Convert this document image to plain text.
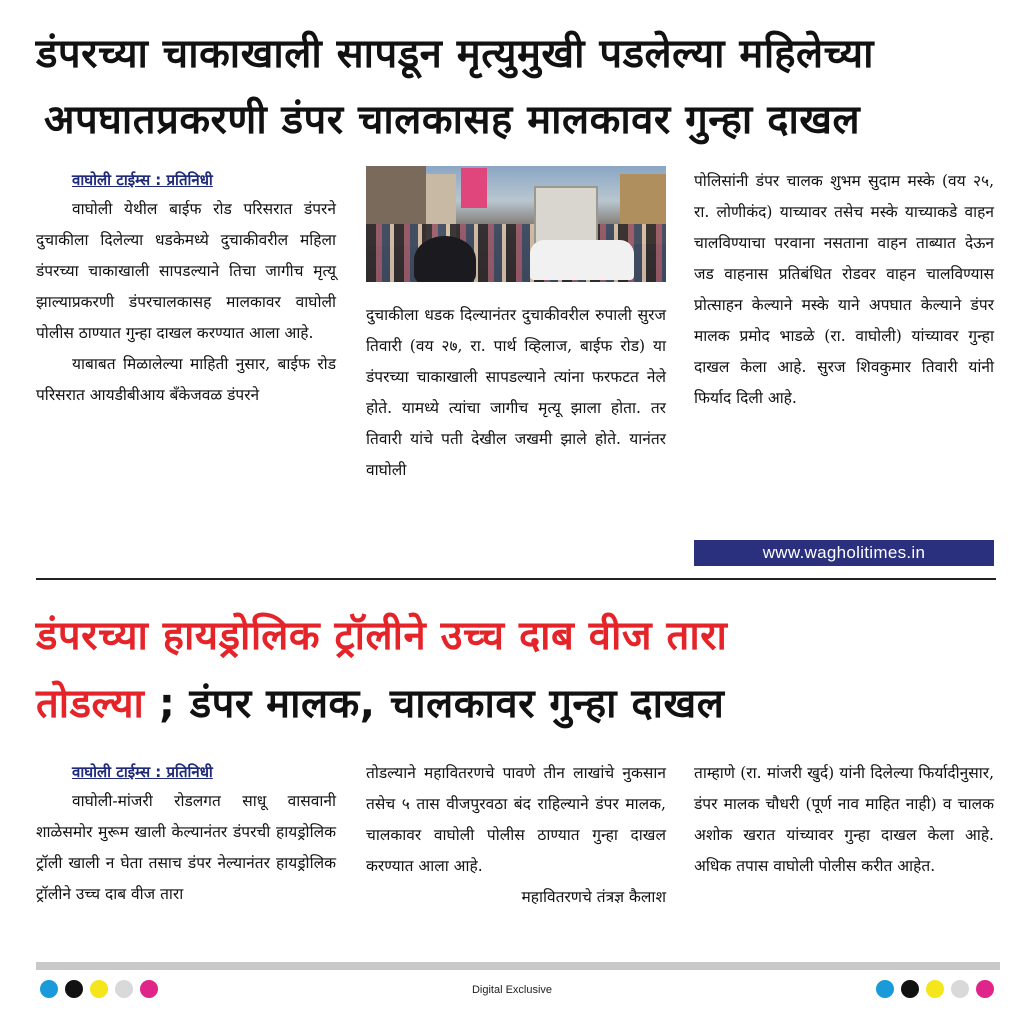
डंपरच्या चाकाखाली सापडून मृत्युमुखी पडलेल्या महिलेच्या
अपघातप्रकरणी डंपर चालकासह मालकावर गुन्हा दाखल
वाघोली टाईम्स : प्रतिनिधी

वाघोली येथील बाईफ रोड परिसरात डंपरने दुचाकीला दिलेल्या धडकेमध्ये दुचाकीवरील महिला डंपरच्या चाकाखाली सापडल्याने तिचा जागीच मृत्यू झाल्याप्रकरणी डंपरचालकासह मालकावर वाघोली पोलीस ठाण्यात गुन्हा दाखल करण्यात आला आहे.

याबाबत मिळालेल्या माहिती नुसार, बाईफ रोड परिसरात आयडीबीआय बँकेजवळ डंपरने

दुचाकीला धडक दिल्यानंतर दुचाकीवरील रुपाली सुरज तिवारी (वय २७, रा. पार्थ व्हिलाज, बाईफ रोड) या डंपरच्या चाकाखाली सापडल्याने त्यांना फरफटत नेले होते. यामध्ये त्यांचा जागीच मृत्यू झाला होता. तर तिवारी यांचे पती देखील जखमी झाले होते. यानंतर वाघोली

पोलिसांनी डंपर चालक शुभम सुदाम मस्के (वय २५, रा. लोणीकंद) याच्यावर तसेच मस्के याच्याकडे वाहन चालविण्याचा परवाना नसताना वाहन ताब्यात देऊन जड वाहनास प्रतिबंधित रोडवर वाहन चालविण्यास प्रोत्साहन केल्याने मस्के याने अपघात केल्याने डंपर मालक प्रमोद भाडळे (रा. वाघोली) यांच्यावर गुन्हा दाखल केला आहे. सुरज शिवकुमार तिवारी यांनी फिर्याद दिली आहे.

www.wagholitimes.in
डंपरच्या हायड्रोलिक ट्रॉलीने उच्च दाब वीज तारा
तोडल्या ; डंपर मालक, चालकावर गुन्हा दाखल
वाघोली टाईम्स : प्रतिनिधी

वाघोली-मांजरी रोडलगत साधू वासवानी शाळेसमोर मुरूम खाली केल्यानंतर डंपरची हायड्रोलिक ट्रॉली खाली न घेता तसाच डंपर नेल्यानंतर हायड्रोलिक ट्रॉलीने उच्च दाब वीज तारा

तोडल्याने महावितरणचे पावणे तीन लाखांचे नुकसान तसेच ५ तास वीजपुरवठा बंद राहिल्याने डंपर मालक, चालकावर वाघोली पोलीस ठाण्यात गुन्हा दाखल करण्यात आला आहे.

महावितरणचे तंत्रज्ञ कैलाश

ताम्हाणे (रा. मांजरी खुर्द) यांनी दिलेल्या फिर्यादीनुसार, डंपर मालक चौधरी (पूर्ण नाव माहित नाही) व चालक अशोक खरात यांच्यावर गुन्हा दाखल केला आहे. अधिक तपास वाघोली पोलीस करीत आहेत.

Digital Exclusive
